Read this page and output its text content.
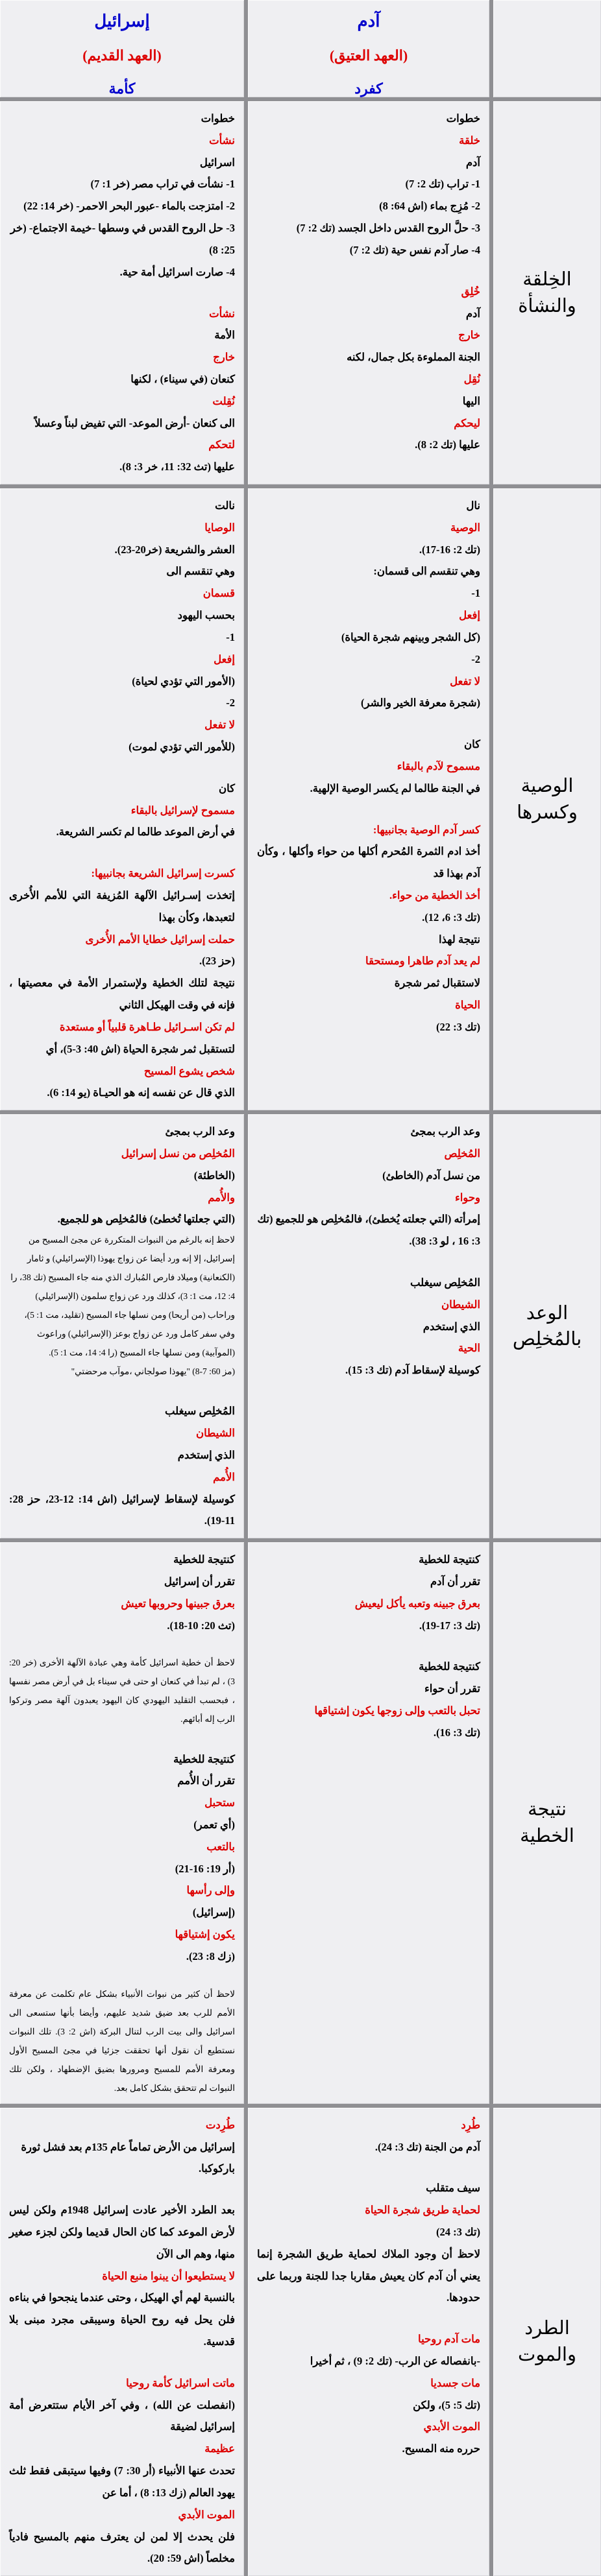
آدم
(العهد العتيق)
كفرد
إسرائيل
(العهد القديم)
كأمة
الخِلقة والنشأة
خطوات
خلقة
آدم
1- تراب (تك 2: 7)
2- مُزِج بماء (اش 64: 8)
3- حلَّ الروح القدس داخل الجسد (تك 2: 7)
4- صار آدم نفس حية (تك 2: 7)
خُلِق
آدم
خارج
الجنة المملوءة بكل جمال، لكنه
نُقِل
اليها
ليحكم
عليها (تك 2: 8).
خطوات
نشأت
اسرائيل
1- نشأت في تراب مصر (خر 1: 7)
2- امتزجت بالماء -عبور البحر الاحمر- (خر 14: 22)
3- حل الروح القدس في وسطها -خيمة الاجتماع- (خر 25: 8)
4- صارت اسرائيل أمة حية.
نشأت
الأمة
خارج
كنعان (في سيناء) ، لكنها
نُقِلت
الى كنعان -أرض الموعد- التي تفيض لبناً وعسلاً
لتحكم
عليها (تث 32: 11، خر 3: 8).
الوصية وكسرها
نال
الوصية
(تك 2: 16-17).
وهي تنقسم الى قسمان:
1-
إفعل
(كل الشجر وبينهم شجرة الحياة)
2-
لا تفعل
(شجرة معرفة الخير والشر)
كان
مسموح لآدم بالبقاء
في الجنة طالما لم يكسر الوصية الإلهية.
كسر آدم الوصية بجانبيها:
أخذ ادم الثمرة المُحرم أكلها من حواء وأكلها ، وكأن آدم بهذا قد
أخذ الخطية من حواء.
(تك 3: 6، 12).
نتيجة لهذا
لم يعد آدم طاهرا ومستحقا
لاستقبال ثمر شجرة
الحياة
(تك 3: 22)
نالت
الوصايا
العشر والشريعة (خر20-23).
وهي تنقسم الى
قسمان
بحسب اليهود
1-
إفعل
(الأمور التي تؤدي لحياة)
2-
لا تفعل
(للأمور التي تؤدي لموت)
كان
مسموح لإسرائيل بالبقاء
في أرض الموعد طالما لم تكسر الشريعة.
كسرت إسرائيل الشريعة بجانبيها:
إتخذت إسـرائيل الآلهة المُزيفة التي للأمم الأُخرى لتعبدها، وكأن بهذا
حملت إسرائيل خطايا الأمم الأُخرى
(حز 23).
نتيجة لتلك الخطية ولإستمرار الأمة في معصيتها ، فإنه في وقت الهيكل الثاني
لم تكن اسـرائيل طـاهرة قلبياً أو مستعدة
لتستقبل ثمر شجرة الحياة (اش 40: 3-5)، أي
شخص يشوع المسيح
الذي قال عن نفسه إنه هو الحيـاة (يو 14: 6).
الوعد بالمُخلِص
وعد الرب بمجئ
المُخلِص
من نسل آدم (الخاطئ)
وحواء
إمرأته (التي جعلته يُخطئ)، فالمُخلِص هو للجميع (تك 3: 16 ، لو 3: 38).
المُخلِص سيغلب
الشيطان
الذي إستخدم
الحية
كوسيلة لإسقاط آدم (تك 3: 15).
وعد الرب بمجئ
المُخلِص من نسل إسرائيل
(الخاطئة)
والأُمم
(التي جعلتها تُخطئ) فالمُخلِص هو للجميع.
لاحظ إنه بالرغم من النبوات المتكررة عن مجئ المسيح من إسرائيل، إلا إنه ورد أيضا عن زواج يهوذا (الإسرائيلي) و ثامار (الكنعانية) وميلاد فارص المُبارك الذي منه جاء المسيح (تك 38، را 4: 12، مت 1: 3)، كذلك ورد عن زواج سلمون (الإسرائيلي) وراحاب (من أريحا) ومن نسلها جاء المسيح (تقليد، مت 1: 5)، وفي سفر كامل ورد عن زواج بوعز (الإسرائيلي) وراعوث (الموآبية) ومن نسلها جاء المسيح (را 4: 14، مت 1: 5).
(مز 60: 7-8) "يهوذا صولجاني ،موآب مرحضتي"
المُخلِص سيغلب
الشيطان
الذي إستخدم
الأُمم
كوسيلة لإسقاط لإسرائيل (اش 14: 12-23، حز 28: 11-19).
نتيجة الخطية
كنتيجة للخطية
تقرر أن آدم
بعرق جبينه وتعبه يأكل ليعيش
(تك 3: 17-19).
كنتيجة للخطية
تقرر أن حواء
تحبل بالتعب وإلى زوجها يكون إشتياقها
(تك 3: 16).
كنتيجة للخطية
تقرر أن إسرائيل
بعرق جبينها وحروبها تعيش
(تث 20: 10-18).
لاحظ أن خطية اسرائيل كأمة وهي عبادة الآلهة الأخرى (خر 20: 3) ، لم تبدأ في كنعان او حتى في سيناء بل في أرض مصر نفسها ، فبحسب التقليد اليهودي كان اليهود يعبدون آلهة مصر وتركوا الرب إله أبائهم.
كنتيجة للخطية
تقرر أن الأُمم
ستحبل
(أي تعمر)
بالتعب
(أر 19: 16-21)
وإلى رأسها
(إسرائيل)
يكون إشتياقها
(زك 8: 23).
لاحظ أن كثير من نبوات الأنبياء بشكل عام تكلمت عن معرفة الأمم للرب بعد ضيق شديد عليهم، وأيضا بأنها ستسعى الى اسرائيل والى بيت الرب لتنال البركة (اش 2: 3). تلك النبوات نستطيع أن نقول أنها تحققت جزئيا في مجئ المسيح الأول ومعرفة الأمم للمسيح ومرورها بضيق الإضطهاد ، ولكن تلك النبوات لم تتحقق بشكل كامل بعد.
الطرد والموت
طُرِد
آدم من الجنة (تك 3: 24).
سيف متقلب
لحماية طريق شجرة الحياة
(تك 3: 24)
لاحظ أن وجود الملاك لحماية طريق الشجرة إنما يعني أن آدم كان يعيش مقاربا جدا للجنة وربما على حدودها.
مات آدم روحيا
-بانفصاله عن الرب- (تك 2: 9) ، ثم أخيرا
مات جسديا
(تك 5: 5)، ولكن
الموت الأبدي
حرره منه المسيح.
طُرِدت
إسرائيل من الأرض تماماً عام 135م بعد فشل ثورة باركوكبا.
بعد الطرد الأخير عادت إسرائيل 1948م ولكن ليس لأرض الموعد كما كان الحال قديما ولكن لجزء صغير منها، وهم الى الآن
لا يستطيعوا أن يبنوا منبع الحياة
بالنسبة لهم أي الهيكل ، وحتى عندما ينجحوا في بناءه فلن يحل فيه روح الحياة وسيبقى مجرد مبنى بلا قدسية.
ماتت اسرائيل كأمة روحيا
(انفصلت عن الله) ، وفي آخر الأيام ستتعرض أمة إسرائيل لضيقة
عظيمة
تحدث عنها الأنبياء (أر 30: 7) وفيها سيتبقى فقط ثلث يهود العالم (زك 13: 8) ، أما عن
الموت الأبدي
فلن يحدث إلا لمن لن يعترف منهم بالمسيح فادياً مخلصاً (اش 59: 20).
